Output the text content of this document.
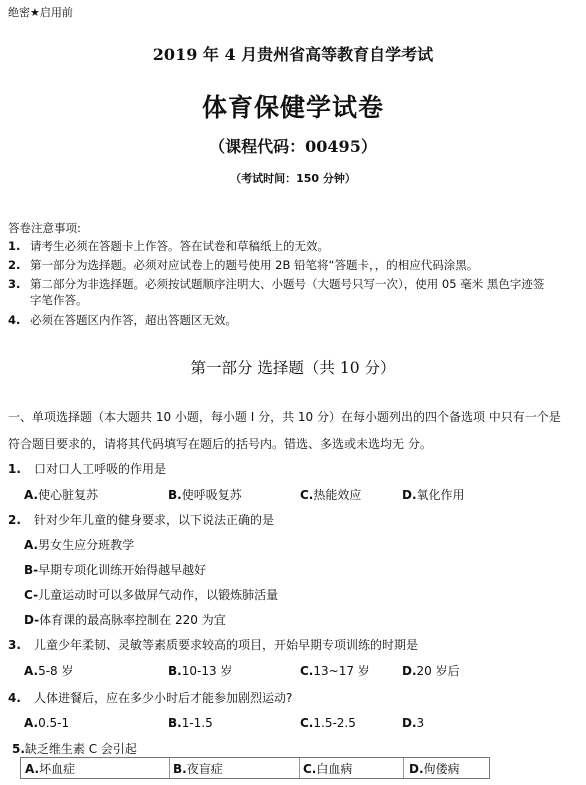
绝密★启用前
2019 年 4 月贵州省高等教育自学考试
体育保健学试卷
（课程代码：00495）
（考试时间：150 分钟）
答卷注意事项:
1. 请考生必须在答题卡上作答。答在试卷和草稿纸上的无效。
2. 第一部分为选择题。必须对应试卷上的题号使用 2B 铅笔将“答题卡，，的相应代码涂黑。
3. 第二部分为非选择题。必须按试题顺序注明大、小题号（大题号只写一次），使用 05 毫米 黑色字迹签字笔作答。
4. 必须在答题区内作答，超出答题区无效。
第一部分 选择题（共 10 分）
一、单项选择题（本大题共 10 小题，每小题 I 分，共 10 分）在每小题列出的四个备选项 中只有一个是符合题目要求的，请将其代码填写在题后的括号内。错选、多选或未选均无 分。
1. 口对口人工呼吸的作用是
A.使心脏复苏	B.使呼吸复苏	C.热能效应	D.氧化作用
2. 针对少年儿童的健身要求，以下说法正确的是
A.男女生应分班教学
B-早期专项化训练开始得越早越好
C-儿童运动时可以多做屏气动作，以锻炼肺活量
D-体育课的最高脉率控制在 220 为宜
3. 儿童少年柔韧、灵敏等素质要求较高的项目，开始早期专项训练的时期是
A.5-8 岁	B.10-13 岁	C.13~17 岁	D.20 岁后
4. 人体进餐后，应在多少小时后才能参加剧烈运动?
A.0.5-1	B.1-1.5	C.1.5-2.5	D.3
5.缺乏维生素 C 会引起
A.坏血症	B.夜盲症	C.白血病	D.佝偻病
